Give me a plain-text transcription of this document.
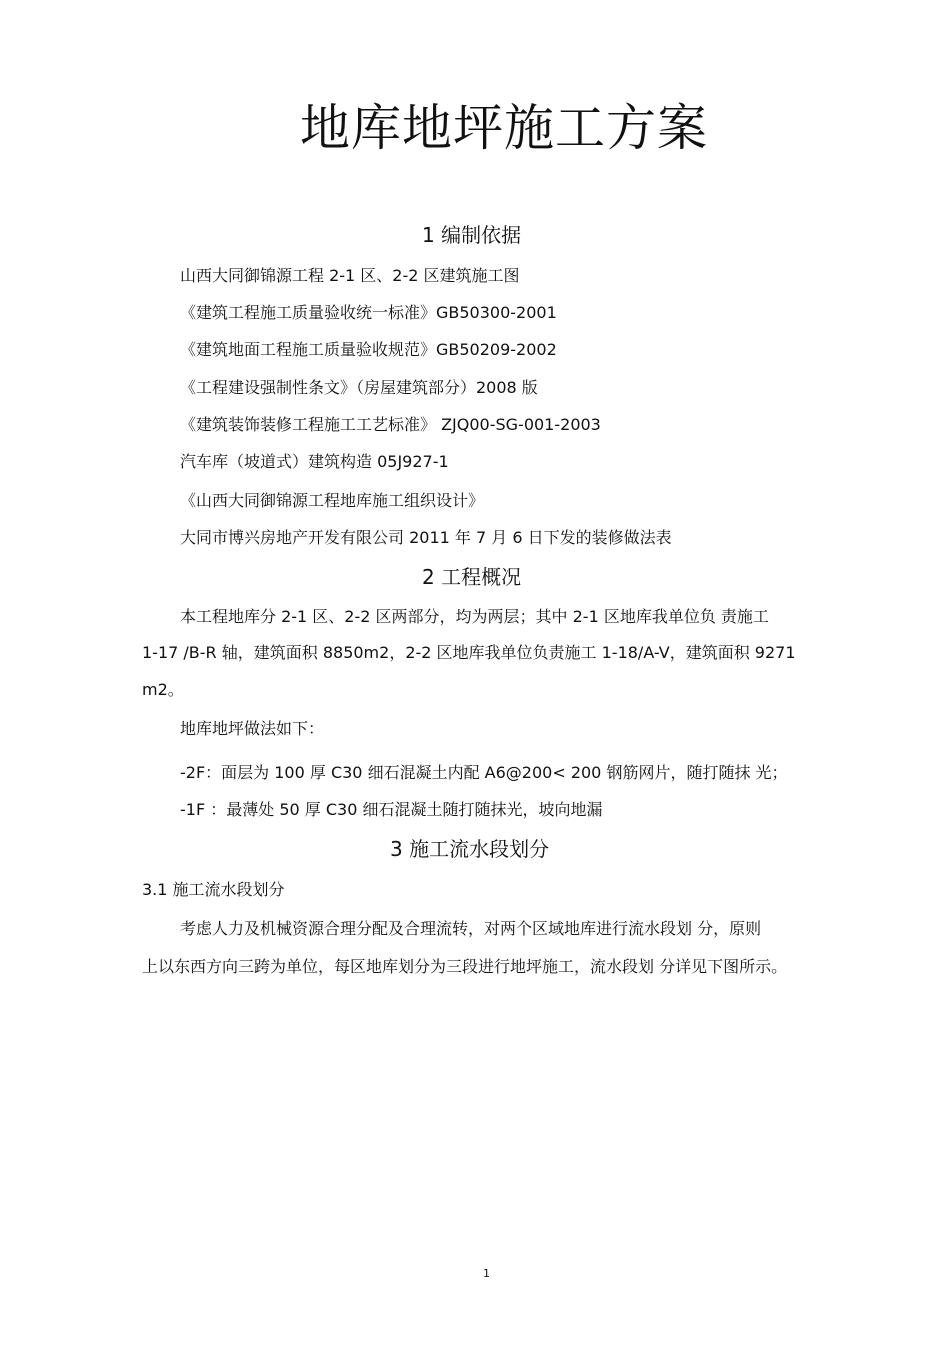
地库地坪施工方案
1 编制依据
山西大同御锦源工程 2-1 区、2-2 区建筑施工图
《建筑工程施工质量验收统一标准》GB50300-2001
《建筑地面工程施工质量验收规范》GB50209-2002
《工程建设强制性条文》（房屋建筑部分）2008 版
《建筑装饰装修工程施工工艺标准》 ZJQ00-SG-001-2003
汽车库（坡道式）建筑构造 05J927-1
《山西大同御锦源工程地库施工组织设计》
大同市博兴房地产开发有限公司 2011 年 7 月 6 日下发的装修做法表
2 工程概况
本工程地库分 2-1 区、2-2 区两部分，均为两层；其中 2-1 区地库我单位负 责施工
1-17 /B-R 轴，建筑面积 8850m2，2-2 区地库我单位负责施工 1-18/A-V，建筑面积 9271
m2。
地库地坪做法如下：
-2F：面层为 100 厚 C30 细石混凝土内配 A6@200< 200 钢筋网片，随打随抹 光；
-1F ：最薄处 50 厚 C30 细石混凝土随打随抹光，坡向地漏
3 施工流水段划分
3.1 施工流水段划分
考虑人力及机械资源合理分配及合理流转，对两个区域地库进行流水段划 分，原则
上以东西方向三跨为单位，每区地库划分为三段进行地坪施工，流水段划 分详见下图所示。
1
